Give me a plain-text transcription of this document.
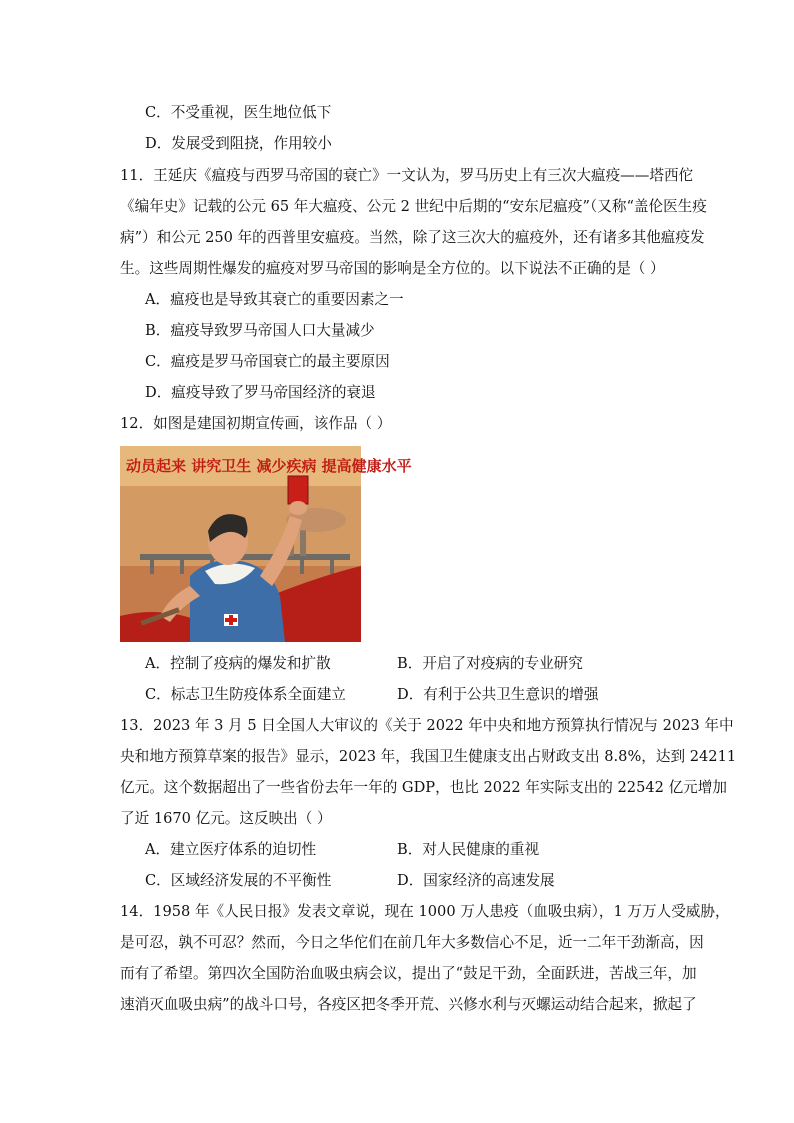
C．不受重视，医生地位低下
D．发展受到阻挠，作用较小
11．王延庆《瘟疫与西罗马帝国的衰亡》一文认为，罗马历史上有三次大瘟疫——塔西佗
《编年史》记载的公元 65 年大瘟疫、公元 2 世纪中后期的“安东尼瘟疫”（又称“盖伦医生疫
病”）和公元 250 年的西普里安瘟疫。当然，除了这三次大的瘟疫外，还有诸多其他瘟疫发
生。这些周期性爆发的瘟疫对罗马帝国的影响是全方位的。以下说法不正确的是（ ）
A．瘟疫也是导致其衰亡的重要因素之一
B．瘟疫导致罗马帝国人口大量减少
C．瘟疫是罗马帝国衰亡的最主要原因
D．瘟疫导致了罗马帝国经济的衰退
12．如图是建国初期宣传画，该作品（ ）
动员起来 讲究卫生 减少疾病 提高健康水平
A．控制了疫病的爆发和扩散	B．开启了对疫病的专业研究
C．标志卫生防疫体系全面建立	D．有利于公共卫生意识的增强
13．2023 年 3 月 5 日全国人大审议的《关于 2022 年中央和地方预算执行情况与 2023 年中
央和地方预算草案的报告》显示，2023 年，我国卫生健康支出占财政支出 8.8%，达到 24211
亿元。这个数据超出了一些省份去年一年的 GDP，也比 2022 年实际支出的 22542 亿元增加
了近 1670 亿元。这反映出（ ）
A．建立医疗体系的迫切性	B．对人民健康的重视
C．区域经济发展的不平衡性	D．国家经济的高速发展
14．1958 年《人民日报》发表文章说，现在 1000 万人患疫（血吸虫病），1 万万人受威胁，
是可忍，孰不可忍？然而，今日之华佗们在前几年大多数信心不足，近一二年干劲渐高，因
而有了希望。第四次全国防治血吸虫病会议，提出了“鼓足干劲，全面跃进，苦战三年，加
速消灭血吸虫病”的战斗口号，各疫区把冬季开荒、兴修水利与灭螺运动结合起来，掀起了
